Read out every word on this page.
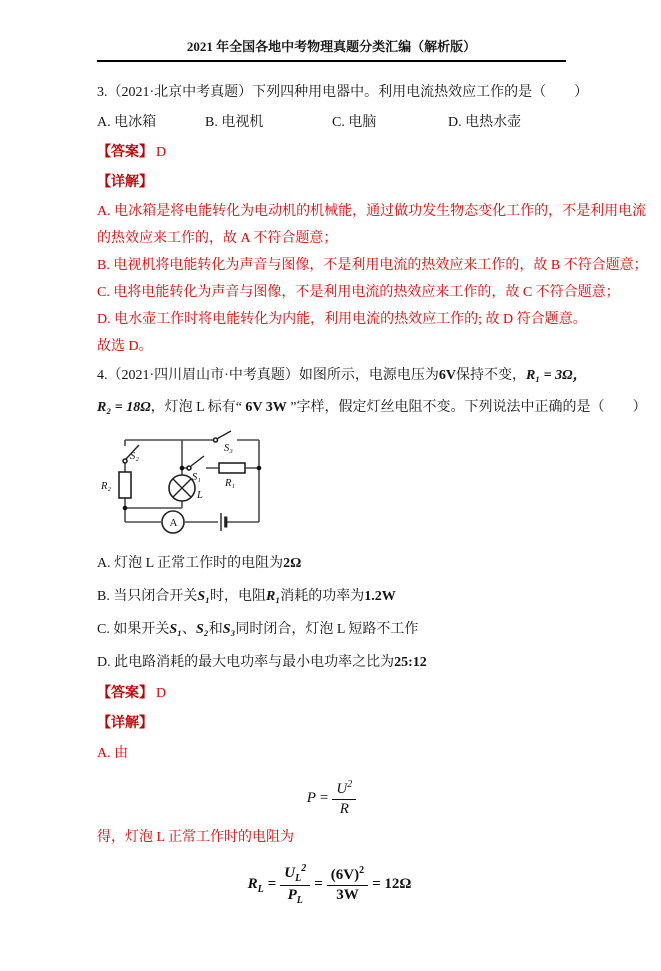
2021 年全国各地中考物理真题分类汇编（解析版）
3.（2021·北京中考真题）下列四种用电器中。利用电流热效应工作的是（　　）
A. 电冰箱	B. 电视机	C. 电脑	D. 电热水壶
【答案】 D
【详解】
A. 电冰箱是将电能转化为电动机的机械能，通过做功发生物态变化工作的，不是利用电流
的热效应来工作的，故 A 不符合题意；
B. 电视机将电能转化为声音与图像，不是利用电流的热效应来工作的，故 B 不符合题意；
C. 电将电能转化为声音与图像，不是利用电流的热效应来工作的，故 C 不符合题意；
D. 电水壶工作时将电能转化为内能，利用电流的热效应工作的; 故 D 符合题意。
故选 D。
4.（2021·四川眉山市·中考真题）如图所示，电源电压为6V保持不变，R₁ = 3Ω，
R₂ = 18Ω，灯泡 L 标有“ 6V 3W ”字样，假定灯丝电阻不变。下列说法中正确的是（　　）
S₂
R₂
S₁
R₁
S₃
L
A
A. 灯泡 L 正常工作时的电阻为2Ω
B. 当只闭合开关S₁时，电阻R₁消耗的功率为1.2W
C. 如果开关S₁、S₂和S₃同时闭合，灯泡 L 短路不工作
D. 此电路消耗的最大电功率与最小电功率之比为25:12
【答案】 D
【详解】
A. 由
$P = \frac{U^2}{R}$
得，灯泡 L 正常工作时的电阻为
$R_L = \frac{U_L^2}{P_L} = \frac{(6V)^2}{3W} = 12\Omega$
